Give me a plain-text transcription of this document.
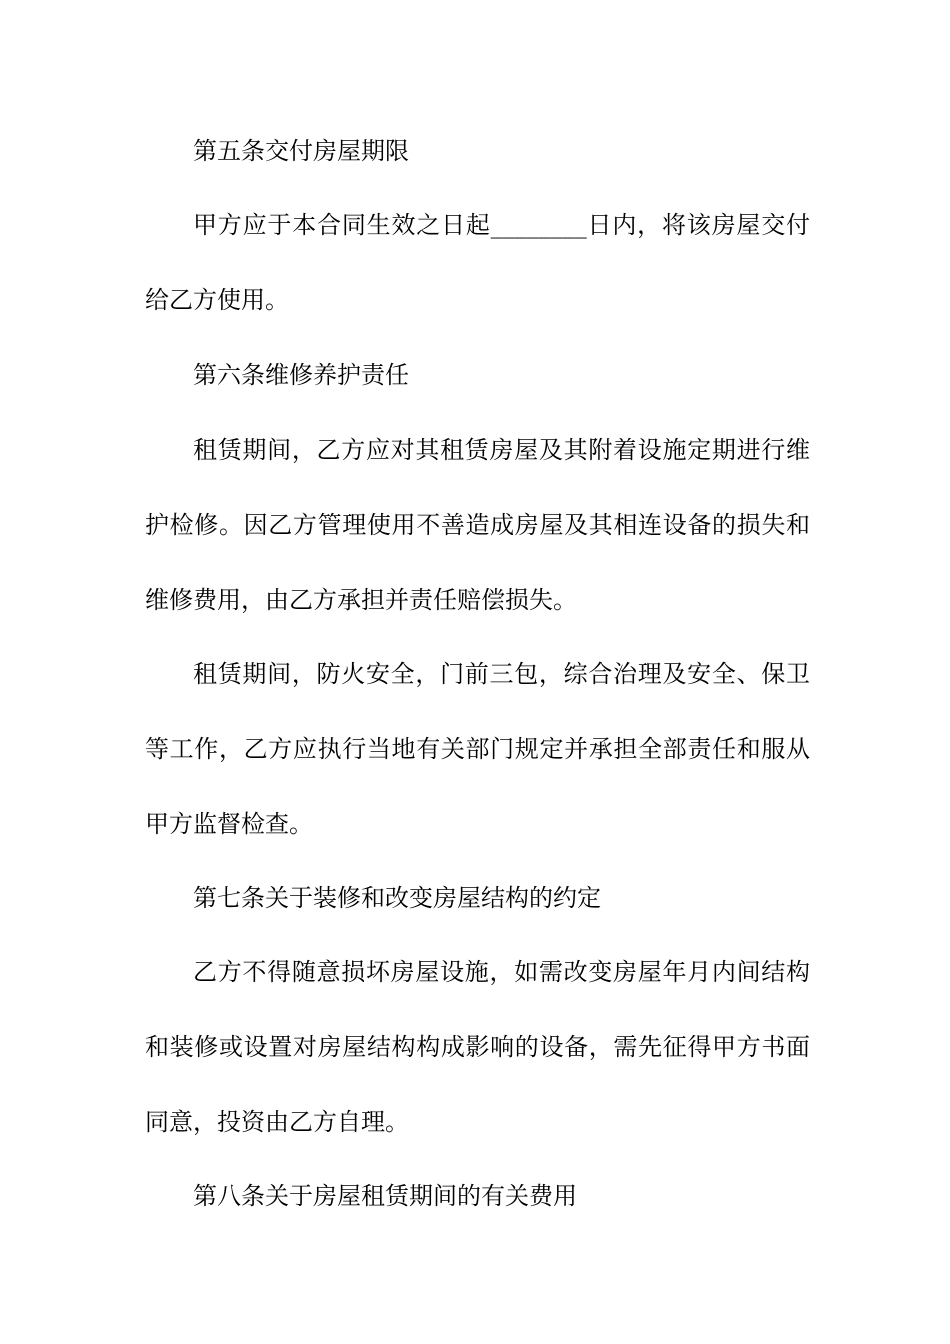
第五条交付房屋期限

甲方应于本合同生效之日起________日内，将该房屋交付给乙方使用。

第六条维修养护责任

租赁期间，乙方应对其租赁房屋及其附着设施定期进行维护检修。因乙方管理使用不善造成房屋及其相连设备的损失和维修费用，由乙方承担并责任赔偿损失。

租赁期间，防火安全，门前三包，综合治理及安全、保卫等工作，乙方应执行当地有关部门规定并承担全部责任和服从甲方监督检查。

第七条关于装修和改变房屋结构的约定

乙方不得随意损坏房屋设施，如需改变房屋年月内间结构和装修或设置对房屋结构构成影响的设备，需先征得甲方书面同意，投资由乙方自理。

第八条关于房屋租赁期间的有关费用
